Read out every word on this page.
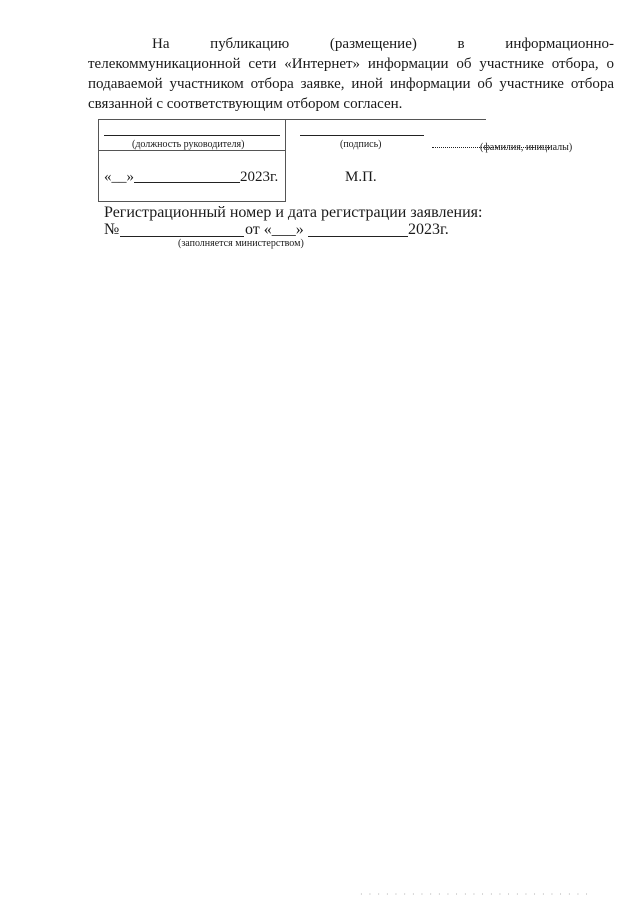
На публикацию (размещение) в информационно-
телекоммуникационной сети «Интернет» информации об участнике отбора, о подаваемой участником отбора заявке, иной информации об участнике отбора связанной с соответствующим отбором согласен.

(должность руководителя)	(подпись)	(фамилия, инициалы)
«__»	2023г.	М.П.
Регистрационный номер и дата регистрации заявления:
№	от «___»	2023г.
(заполняется министерством)
· · · · · · · · · · · · · · · · · · · · · · · · · · ·
